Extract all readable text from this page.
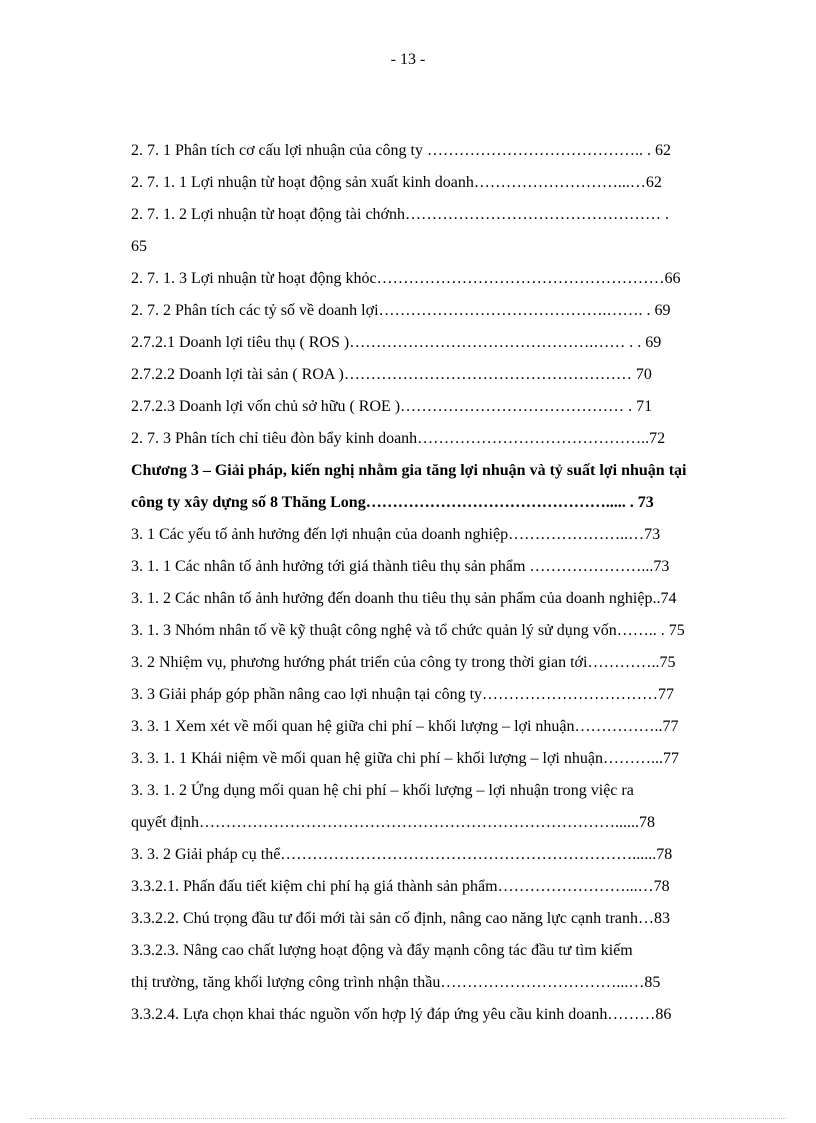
- 13 -
2. 7. 1 Phân tích cơ cấu lợi nhuận của công ty ………………………………….. . 62
2. 7. 1. 1 Lợi nhuận từ hoạt động sản xuất kinh doanh………………………...…62
2. 7. 1. 2 Lợi nhuận từ hoạt động tài chớnh………………………………………… .
65
2. 7. 1. 3 Lợi nhuận từ hoạt động khỏc………………………………………………66
2. 7. 2 Phân tích các tỷ số về doanh lợi…………………………………….……. . 69
2.7.2.1 Doanh lợi tiêu thụ ( ROS )……………………………………….…… . . 69
2.7.2.2 Doanh lợi tài sản ( ROA )……………………………………………… 70
2.7.2.3 Doanh lợi vốn chủ sở hữu ( ROE )…………………………………… . 71
2. 7. 3 Phân tích chỉ tiêu đòn bẩy kinh doanh……………………………………..72
Chương 3 – Giải pháp, kiến nghị nhằm gia tăng lợi nhuận và tỷ suất lợi nhuận tại
công ty xây dựng số 8 Thăng Long………………………………………..... . 73
3. 1 Các yếu tố ảnh hưởng đến lợi nhuận của doanh nghiệp…………………..…73
3. 1. 1 Các nhân tố ảnh hưởng tới giá thành tiêu thụ sản phẩm …………………...73
3. 1. 2 Các nhân tố ảnh hưởng đến doanh thu tiêu thụ sản phẩm của doanh nghiệp..74
3. 1. 3 Nhóm nhân tố về kỹ thuật công nghệ và tổ chức quản lý sử dụng vốn…….. . 75
3. 2 Nhiệm vụ, phương hướng phát triển của công ty trong thời gian tới…………..75
3. 3 Giải pháp góp phần nâng cao lợi nhuận tại công ty……………………………77
3. 3. 1 Xem xét về mối quan hệ giữa chi phí – khối lượng – lợi nhuận……………..77
3. 3. 1. 1 Khái niệm về mối quan hệ giữa chi phí – khối lượng – lợi nhuận………...77
3. 3. 1. 2 Ứng dụng mối quan hệ chi phí – khối lượng – lợi nhuận trong việc ra
quyết định……………………………………………………………………......78
3. 3. 2 Giải pháp cụ thể…………………………………………………………......78
3.3.2.1. Phấn đấu tiết kiệm chi phí hạ giá thành sản phẩm……………………...…78
3.3.2.2. Chú trọng đầu tư đổi mới tài sản cố định, nâng cao năng lực cạnh tranh…83
3.3.2.3. Nâng cao chất lượng hoạt động và đẩy mạnh công tác đầu tư tìm kiếm
thị trường, tăng khối lượng công trình nhận thầu……………………………...…85
3.3.2.4. Lựa chọn khai thác nguồn vốn hợp lý đáp ứng yêu cầu kinh doanh………86
